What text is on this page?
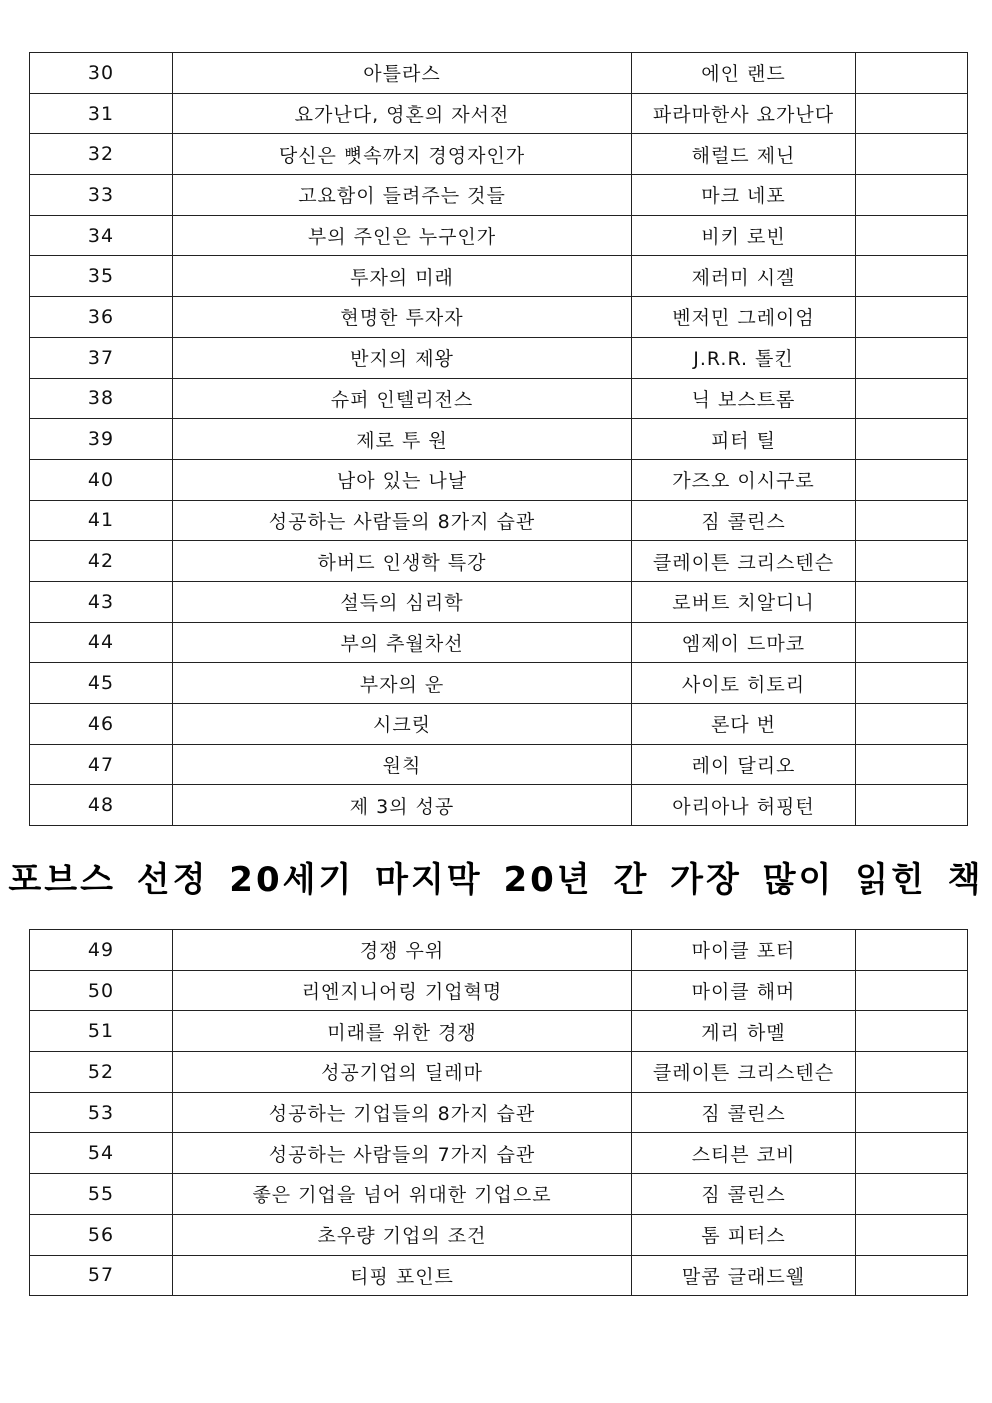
30	아틀라스	에인 랜드	
31	요가난다, 영혼의 자서전	파라마한사 요가난다	
32	당신은 뼛속까지 경영자인가	해럴드 제닌	
33	고요함이 들려주는 것들	마크 네포	
34	부의 주인은 누구인가	비키 로빈	
35	투자의 미래	제러미 시겔	
36	현명한 투자자	벤저민 그레이엄	
37	반지의 제왕	J.R.R. 톨킨	
38	슈퍼 인텔리전스	닉 보스트롬	
39	제로 투 원	피터 틸	
40	남아 있는 나날	가즈오 이시구로	
41	성공하는 사람들의 8가지 습관	짐 콜린스	
42	하버드 인생학 특강	클레이튼 크리스텐슨	
43	설득의 심리학	로버트 치알디니	
44	부의 추월차선	엠제이 드마코	
45	부자의 운	사이토 히토리	
46	시크릿	론다 번	
47	원칙	레이 달리오	
48	제 3의 성공	아리아나 허핑턴	
포브스 선정 20세기 마지막 20년 간 가장 많이 읽힌 책
49	경쟁 우위	마이클 포터	
50	리엔지니어링 기업혁명	마이클 해머	
51	미래를 위한 경쟁	게리 하멜	
52	성공기업의 딜레마	클레이튼 크리스텐슨	
53	성공하는 기업들의 8가지 습관	짐 콜린스	
54	성공하는 사람들의 7가지 습관	스티븐 코비	
55	좋은 기업을 넘어 위대한 기업으로	짐 콜린스	
56	초우량 기업의 조건	톰 피터스	
57	티핑 포인트	말콤 글래드웰	
